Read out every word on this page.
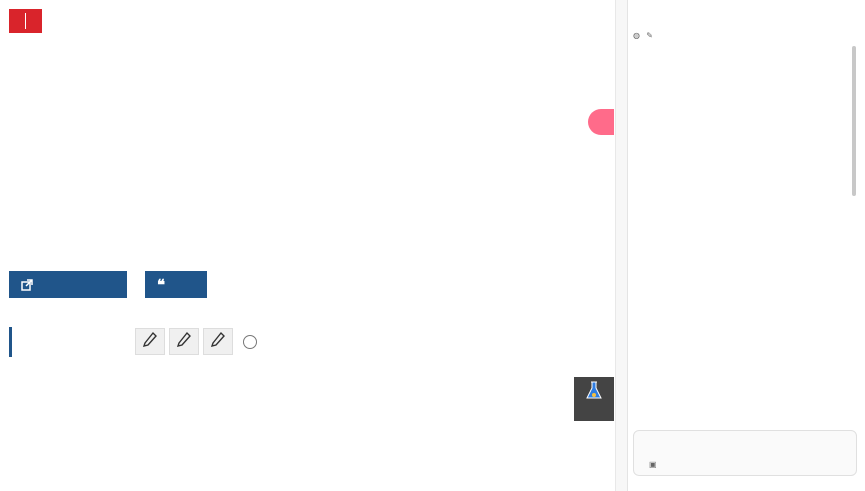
❝
◍ ✎
▣
